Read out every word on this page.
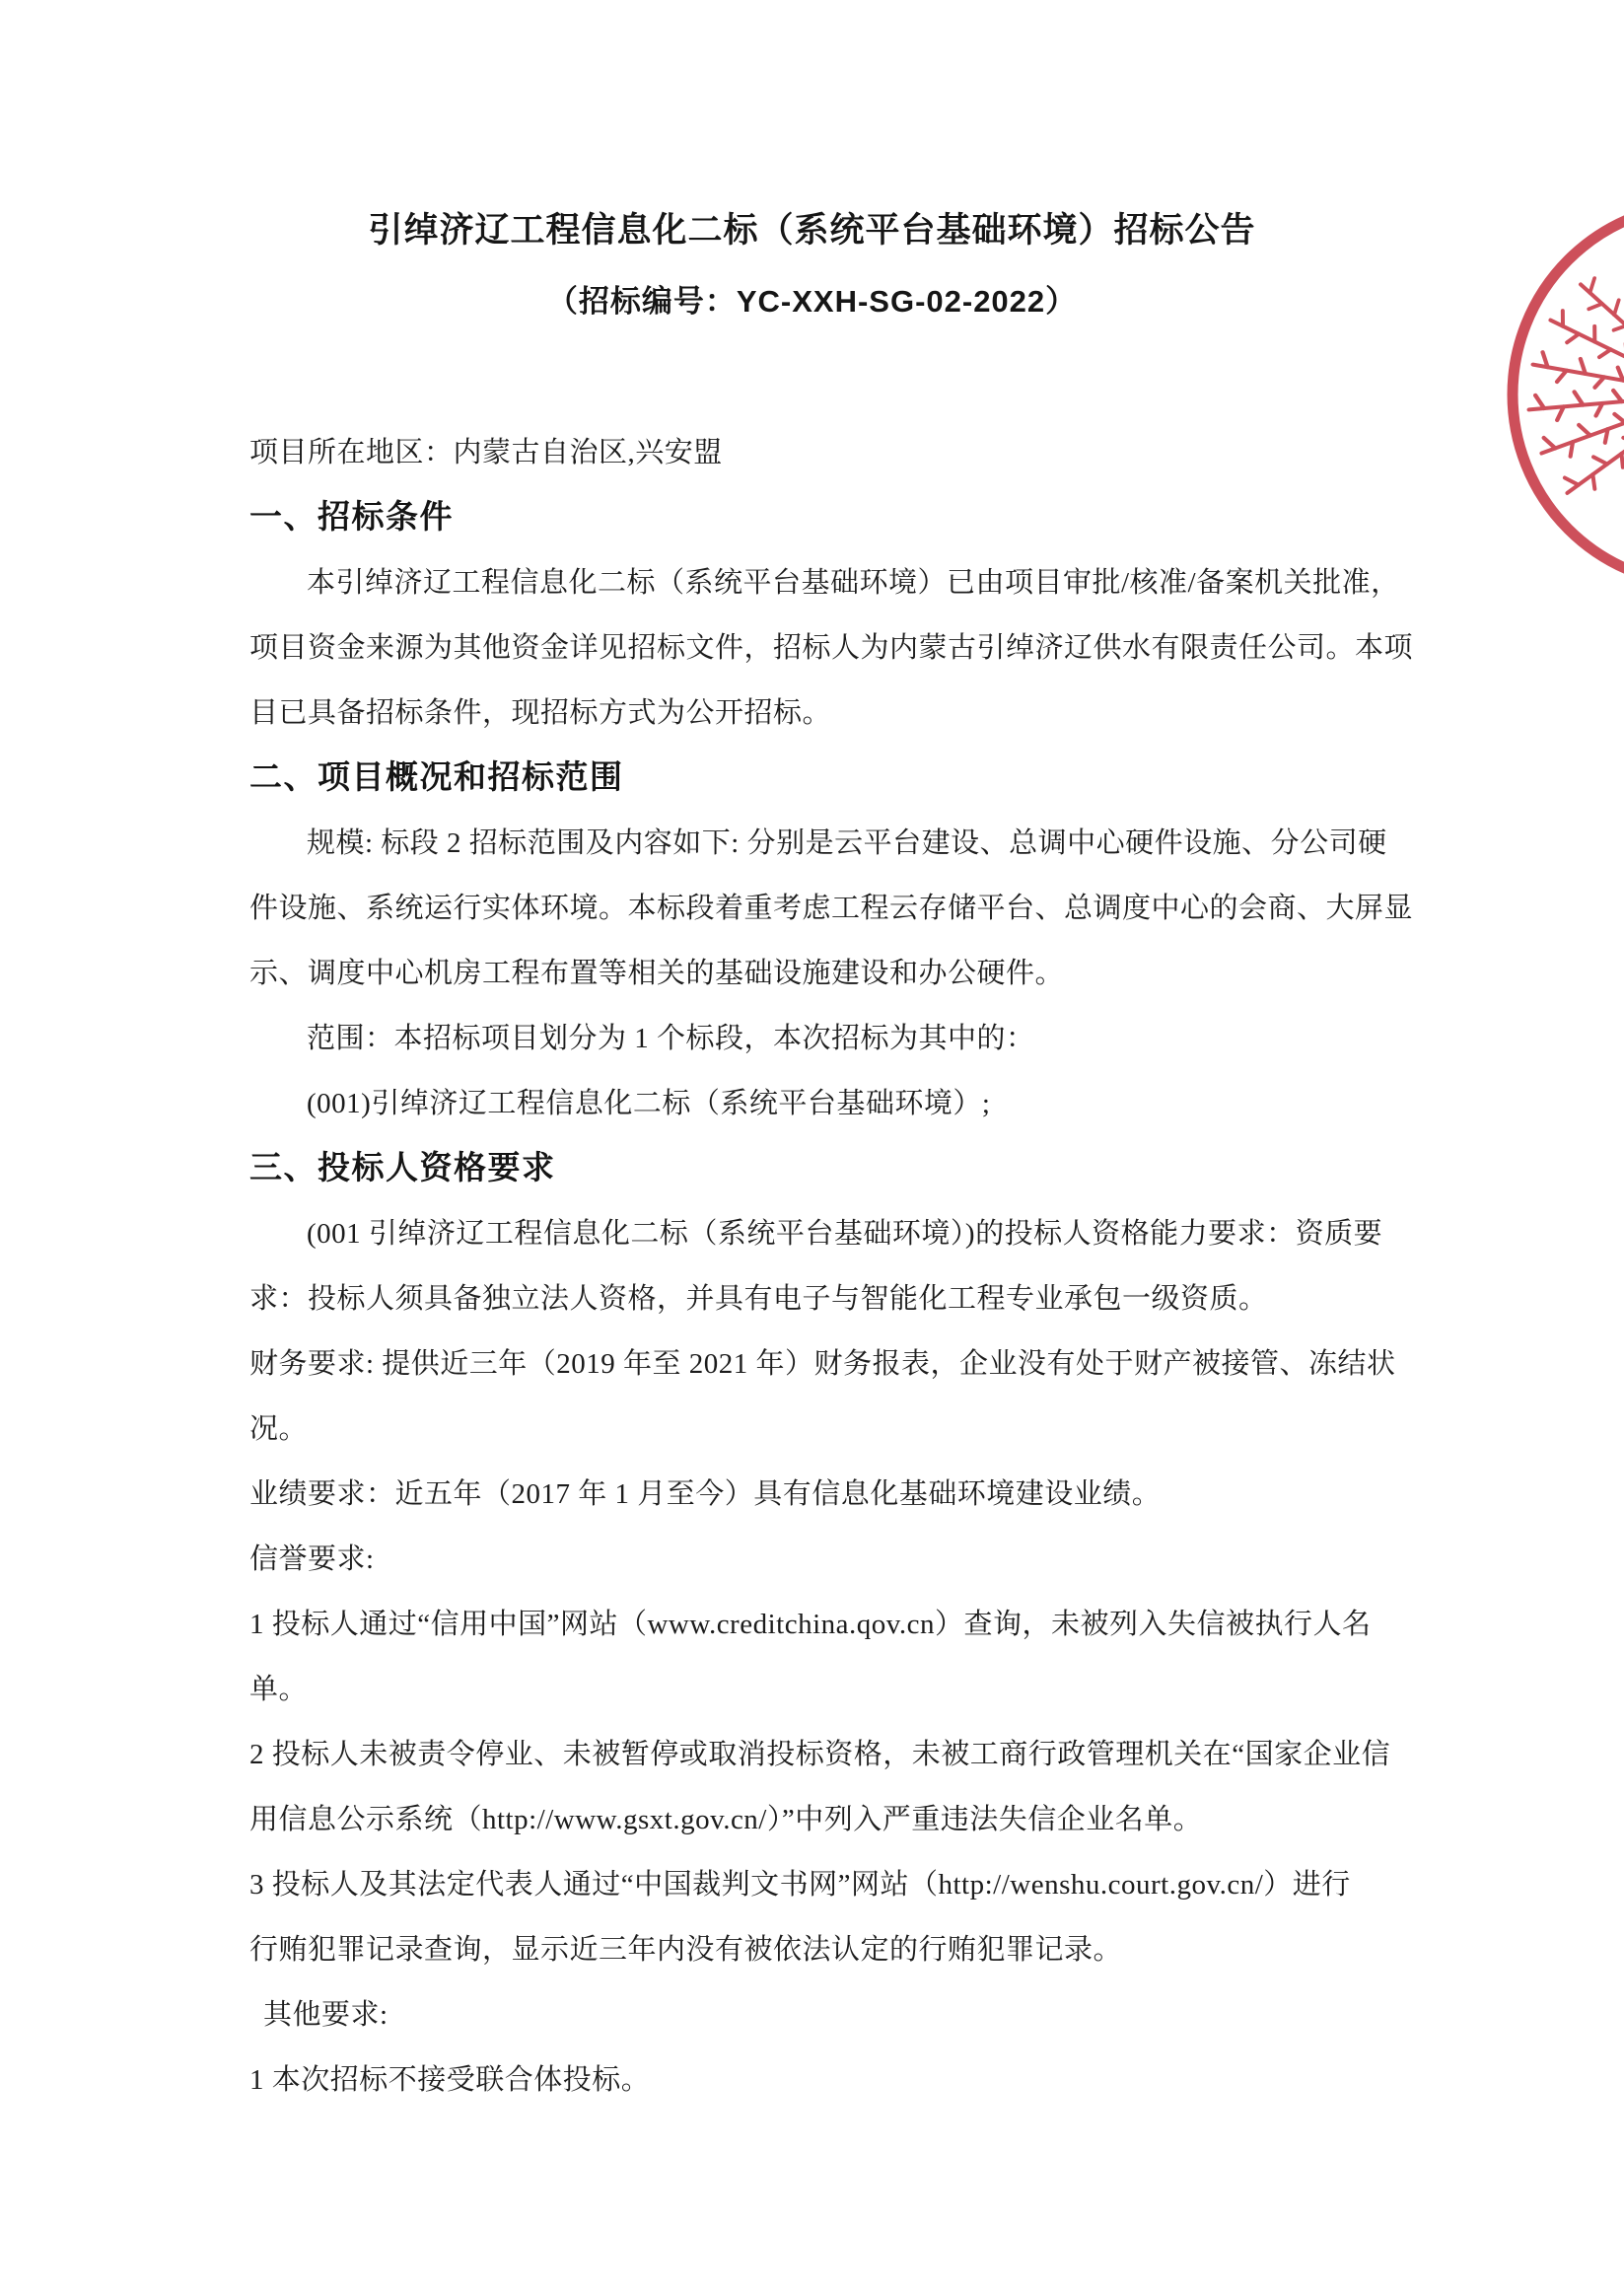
引绰济辽工程信息化二标（系统平台基础环境）招标公告
（招标编号：YC-XXH-SG-02-2022）
项目所在地区：内蒙古自治区,兴安盟
一、招标条件
本引绰济辽工程信息化二标（系统平台基础环境）已由项目审批/核准/备案机关批准，
项目资金来源为其他资金详见招标文件，招标人为内蒙古引绰济辽供水有限责任公司。本项
目已具备招标条件，现招标方式为公开招标。
二、项目概况和招标范围
规模: 标段 2 招标范围及内容如下: 分别是云平台建设、总调中心硬件设施、分公司硬
件设施、系统运行实体环境。本标段着重考虑工程云存储平台、总调度中心的会商、大屏显
示、调度中心机房工程布置等相关的基础设施建设和办公硬件。
范围：本招标项目划分为 1 个标段，本次招标为其中的：
(001)引绰济辽工程信息化二标（系统平台基础环境）;
三、投标人资格要求
(001 引绰济辽工程信息化二标（系统平台基础环境）)的投标人资格能力要求：资质要
求：投标人须具备独立法人资格，并具有电子与智能化工程专业承包一级资质。
财务要求: 提供近三年（2019 年至 2021 年）财务报表，企业没有处于财产被接管、冻结状
况。
业绩要求：近五年（2017 年 1 月至今）具有信息化基础环境建设业绩。
信誉要求:
1 投标人通过“信用中国”网站（www.creditchina.qov.cn）查询，未被列入失信被执行人名
单。
2 投标人未被责令停业、未被暂停或取消投标资格，未被工商行政管理机关在“国家企业信
用信息公示系统（http://www.gsxt.gov.cn/）”中列入严重违法失信企业名单。
3 投标人及其法定代表人通过“中国裁判文书网”网站（http://wenshu.court.gov.cn/）进行
行贿犯罪记录查询，显示近三年内没有被依法认定的行贿犯罪记录。
其他要求:
1 本次招标不接受联合体投标。
